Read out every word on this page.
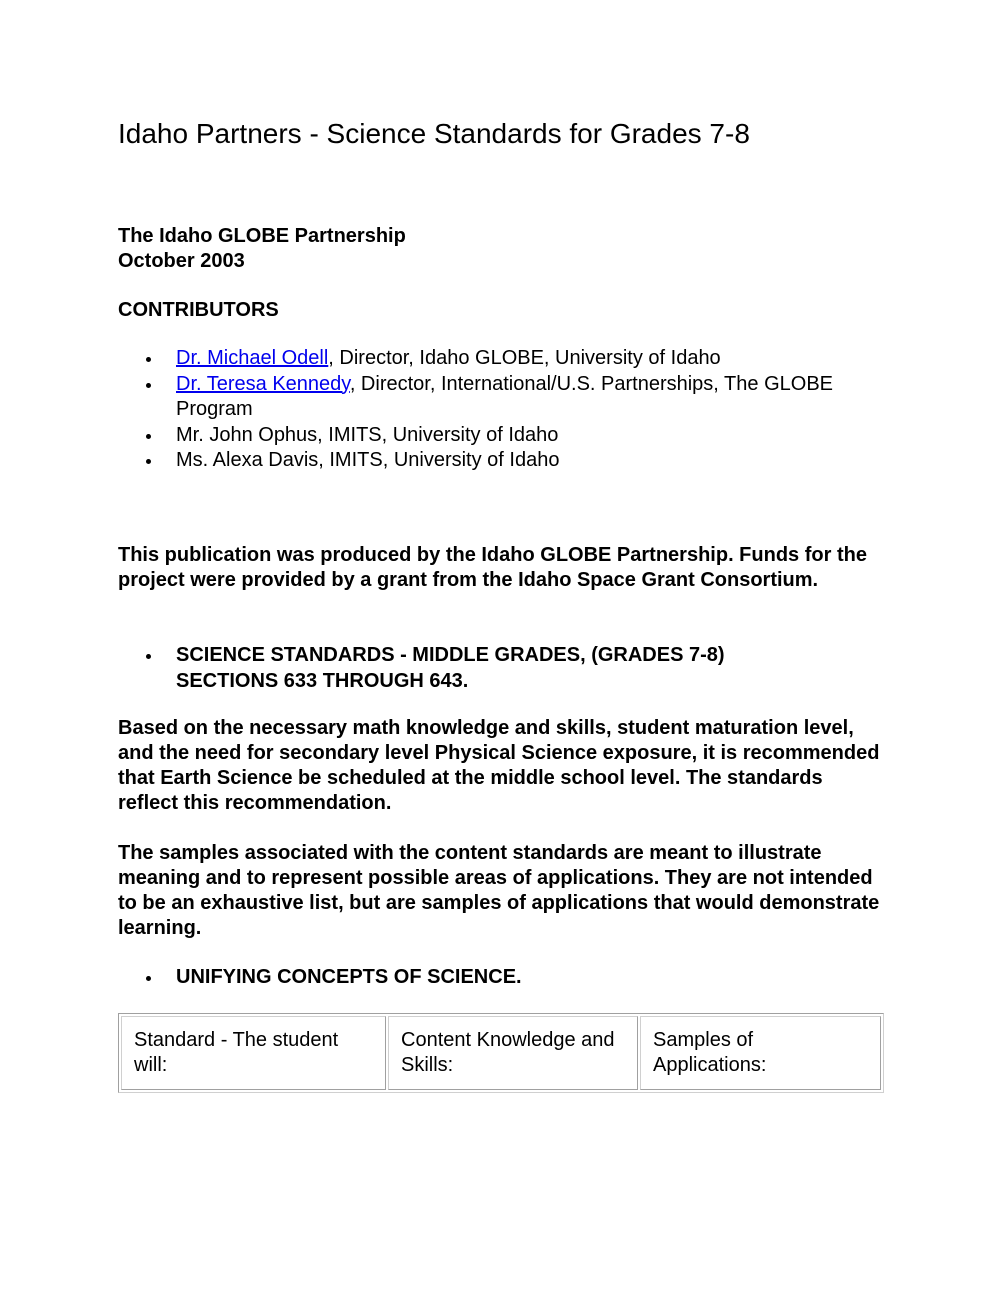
Idaho Partners - Science Standards for Grades 7-8
The Idaho GLOBE Partnership
October 2003
CONTRIBUTORS
Dr. Michael Odell, Director, Idaho GLOBE, University of Idaho
Dr. Teresa Kennedy, Director, International/U.S. Partnerships, The GLOBE Program
Mr. John Ophus, IMITS, University of Idaho
Ms. Alexa Davis, IMITS, University of Idaho
This publication was produced by the Idaho GLOBE Partnership. Funds for the project were provided by a grant from the Idaho Space Grant Consortium.
SCIENCE STANDARDS - MIDDLE GRADES, (GRADES 7-8) SECTIONS 633 THROUGH 643.
Based on the necessary math knowledge and skills, student maturation level, and the need for secondary level Physical Science exposure, it is recommended that Earth Science be scheduled at the middle school level. The standards reflect this recommendation.
The samples associated with the content standards are meant to illustrate meaning and to represent possible areas of applications. They are not intended to be an exhaustive list, but are samples of applications that would demonstrate learning.
UNIFYING CONCEPTS OF SCIENCE.
Standard - The student will:	Content Knowledge and Skills:	Samples of Applications:
